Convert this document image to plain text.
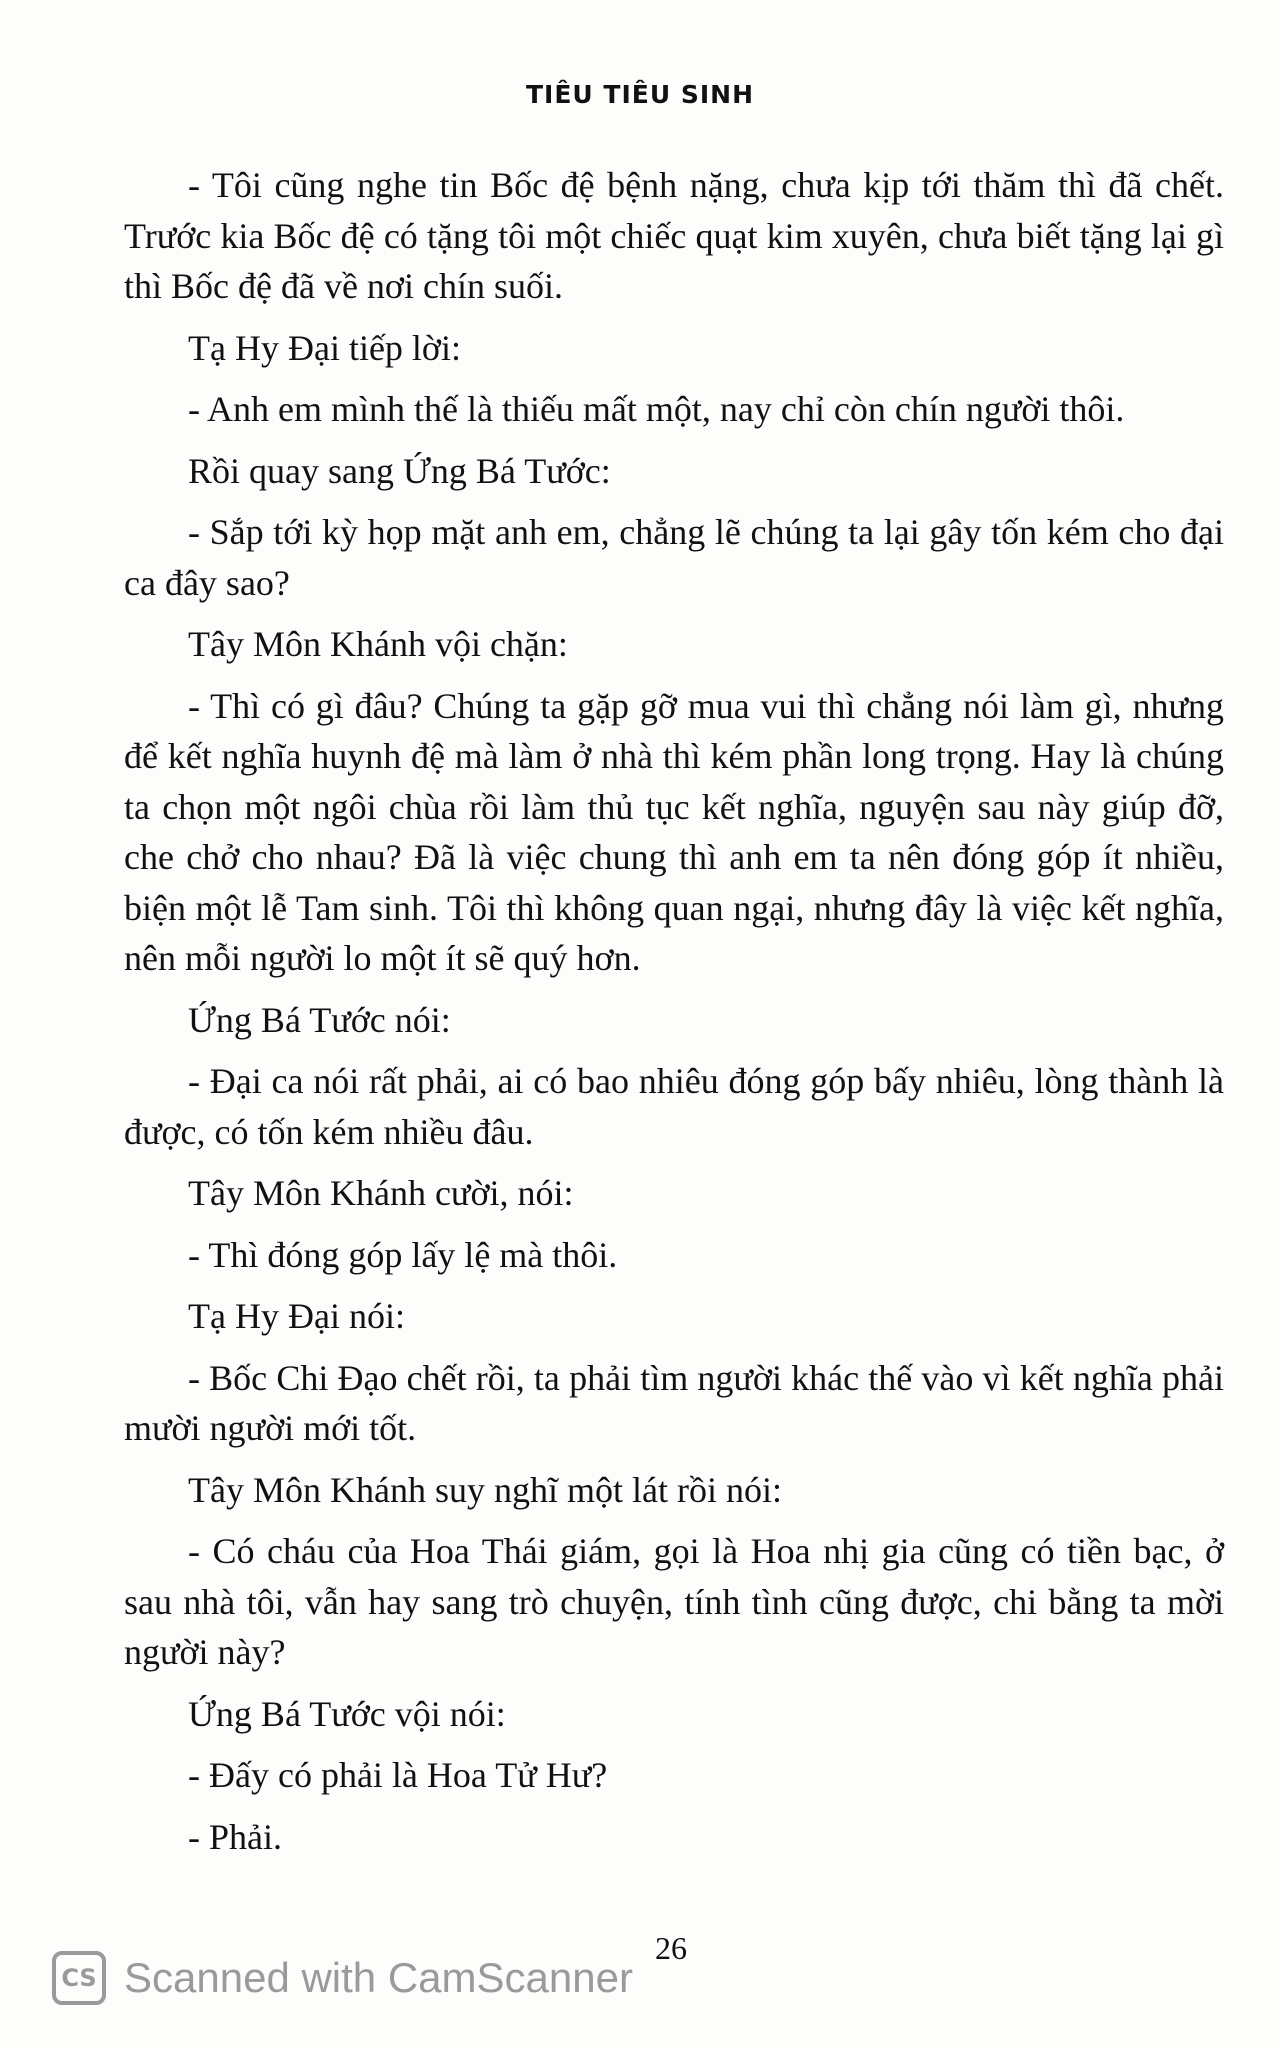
TIÊU TIÊU SINH

- Tôi cũng nghe tin Bốc đệ bệnh nặng, chưa kịp tới thăm thì đã chết. Trước kia Bốc đệ có tặng tôi một chiếc quạt kim xuyên, chưa biết tặng lại gì thì Bốc đệ đã về nơi chín suối.

Tạ Hy Đại tiếp lời:

- Anh em mình thế là thiếu mất một, nay chỉ còn chín người thôi.

Rồi quay sang Ứng Bá Tước:

- Sắp tới kỳ họp mặt anh em, chẳng lẽ chúng ta lại gây tốn kém cho đại ca đây sao?

Tây Môn Khánh vội chặn:

- Thì có gì đâu? Chúng ta gặp gỡ mua vui thì chẳng nói làm gì, nhưng để kết nghĩa huynh đệ mà làm ở nhà thì kém phần long trọng. Hay là chúng ta chọn một ngôi chùa rồi làm thủ tục kết nghĩa, nguyện sau này giúp đỡ, che chở cho nhau? Đã là việc chung thì anh em ta nên đóng góp ít nhiều, biện một lễ Tam sinh. Tôi thì không quan ngại, nhưng đây là việc kết nghĩa, nên mỗi người lo một ít sẽ quý hơn.

Ứng Bá Tước nói:

- Đại ca nói rất phải, ai có bao nhiêu đóng góp bấy nhiêu, lòng thành là được, có tốn kém nhiều đâu.

Tây Môn Khánh cười, nói:

- Thì đóng góp lấy lệ mà thôi.

Tạ Hy Đại nói:

- Bốc Chi Đạo chết rồi, ta phải tìm người khác thế vào vì kết nghĩa phải mười người mới tốt.

Tây Môn Khánh suy nghĩ một lát rồi nói:

- Có cháu của Hoa Thái giám, gọi là Hoa nhị gia cũng có tiền bạc, ở sau nhà tôi, vẫn hay sang trò chuyện, tính tình cũng được, chi bằng ta mời người này?

Ứng Bá Tước vội nói:

- Đấy có phải là Hoa Tử Hư?

- Phải.

26
CS Scanned with CamScanner
